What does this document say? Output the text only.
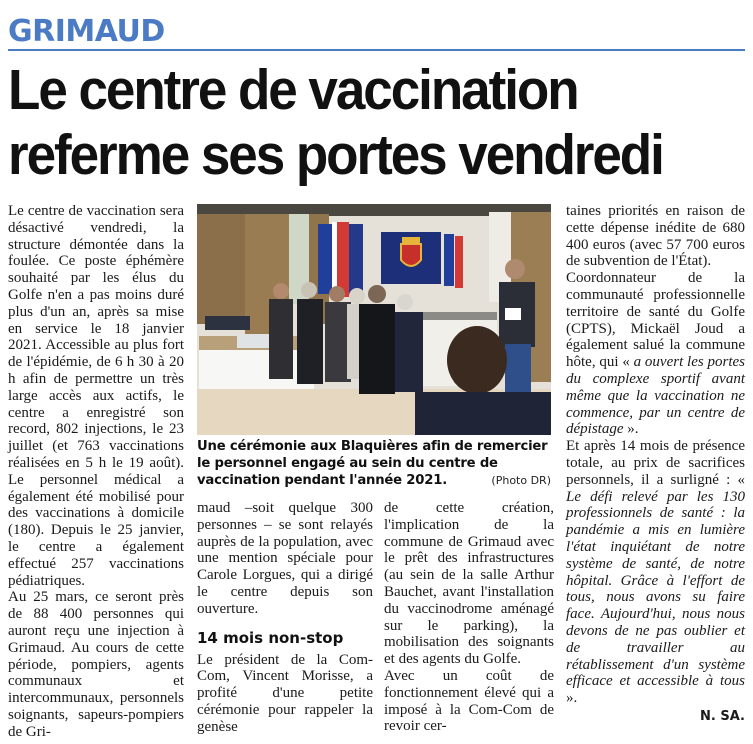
GRIMAUD
Le centre de vaccination
referme ses portes vendredi

Le centre de vaccination sera désactivé vendredi, la structure démontée dans la foulée. Ce poste éphémère souhaité par les élus du Golfe n'en a pas moins duré plus d'un an, après sa mise en service le 18 janvier 2021. Accessible au plus fort de l'épidémie, de 6 h 30 à 20 h afin de permettre un très large accès aux actifs, le centre a enregistré son record, 802 injections, le 23 juillet (et 763 vaccinations réalisées en 5 h le 19 août). Le personnel médical a également été mobilisé pour des vaccinations à domicile (180). Depuis le 25 janvier, le centre a également effectué 257 vaccinations pédiatriques.

Au 25 mars, ce seront près de 88 400 personnes qui auront reçu une injection à Grimaud. Au cours de cette période, pompiers, agents communaux et intercommunaux, personnels soignants, sapeurs-pompiers de Gri-

Une cérémonie aux Blaquières afin de remercier le personnel engagé au sein du centre de vaccination pendant l'année 2021.	(Photo DR)

maud –soit quelque 300 personnes – se sont relayés auprès de la population, avec une mention spéciale pour Carole Lorgues, qui a dirigé le centre depuis son ouverture.

14 mois non-stop

Le président de la Com-Com, Vincent Morisse, a profité d'une petite cérémonie pour rappeler la genèse

de cette création, l'implication de la commune de Grimaud avec le prêt des infrastructures (au sein de la salle Arthur Bauchet, avant l'installation du vaccinodrome aménagé sur le parking), la mobilisation des soignants et des agents du Golfe.

Avec un coût de fonctionnement élevé qui a imposé à la Com-Com de revoir cer-

taines priorités en raison de cette dépense inédite de 680 400 euros (avec 57 700 euros de subvention de l'État).

Coordonnateur de la communauté professionnelle territoire de santé du Golfe (CPTS), Mickaël Joud a également salué la commune hôte, qui « a ouvert les portes du complexe sportif avant même que la vaccination ne commence, par un centre de dépistage ».

Et après 14 mois de présence totale, au prix de sacrifices personnels, il a surligné : « Le défi relevé par les 130 professionnels de santé : la pandémie a mis en lumière l'état inquiétant de notre système de santé, de notre hôpital. Grâce à l'effort de tous, nous avons su faire face. Aujourd'hui, nous nous devons de ne pas oublier et de travailler au rétablissement d'un système efficace et accessible à tous ».

N. SA.
